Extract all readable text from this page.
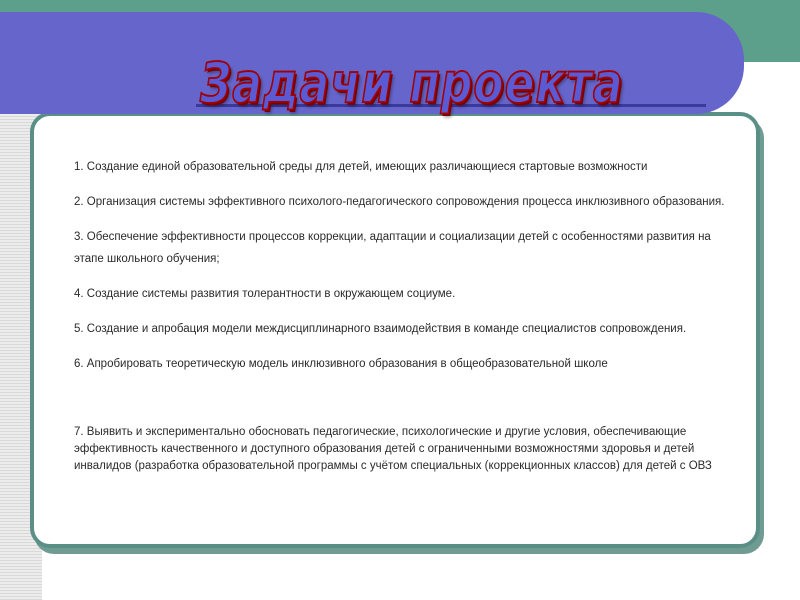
Задачи проекта

1. Создание единой образовательной среды для детей, имеющих различающиеся стартовые возможности

2. Организация системы эффективного психолого-педагогического сопровождения процесса инклюзивного образования.

3. Обеспечение эффективности процессов коррекции, адаптации и социализации детей с особенностями развития на этапе школьного обучения;

4. Создание системы развития толерантности в окружающем социуме.

5. Создание и апробация модели междисциплинарного взаимодействия в команде специалистов сопровождения.

6. Апробировать теоретическую модель инклюзивного образования в общеобразовательной школе

7. Выявить и экспериментально обосновать педагогические, психологические и другие условия, обеспечивающие эффективность качественного и доступного образования детей с ограниченными возможностями здоровья и детей инвалидов (разработка образовательной программы с учётом специальных (коррекционных классов) для детей с ОВЗ
